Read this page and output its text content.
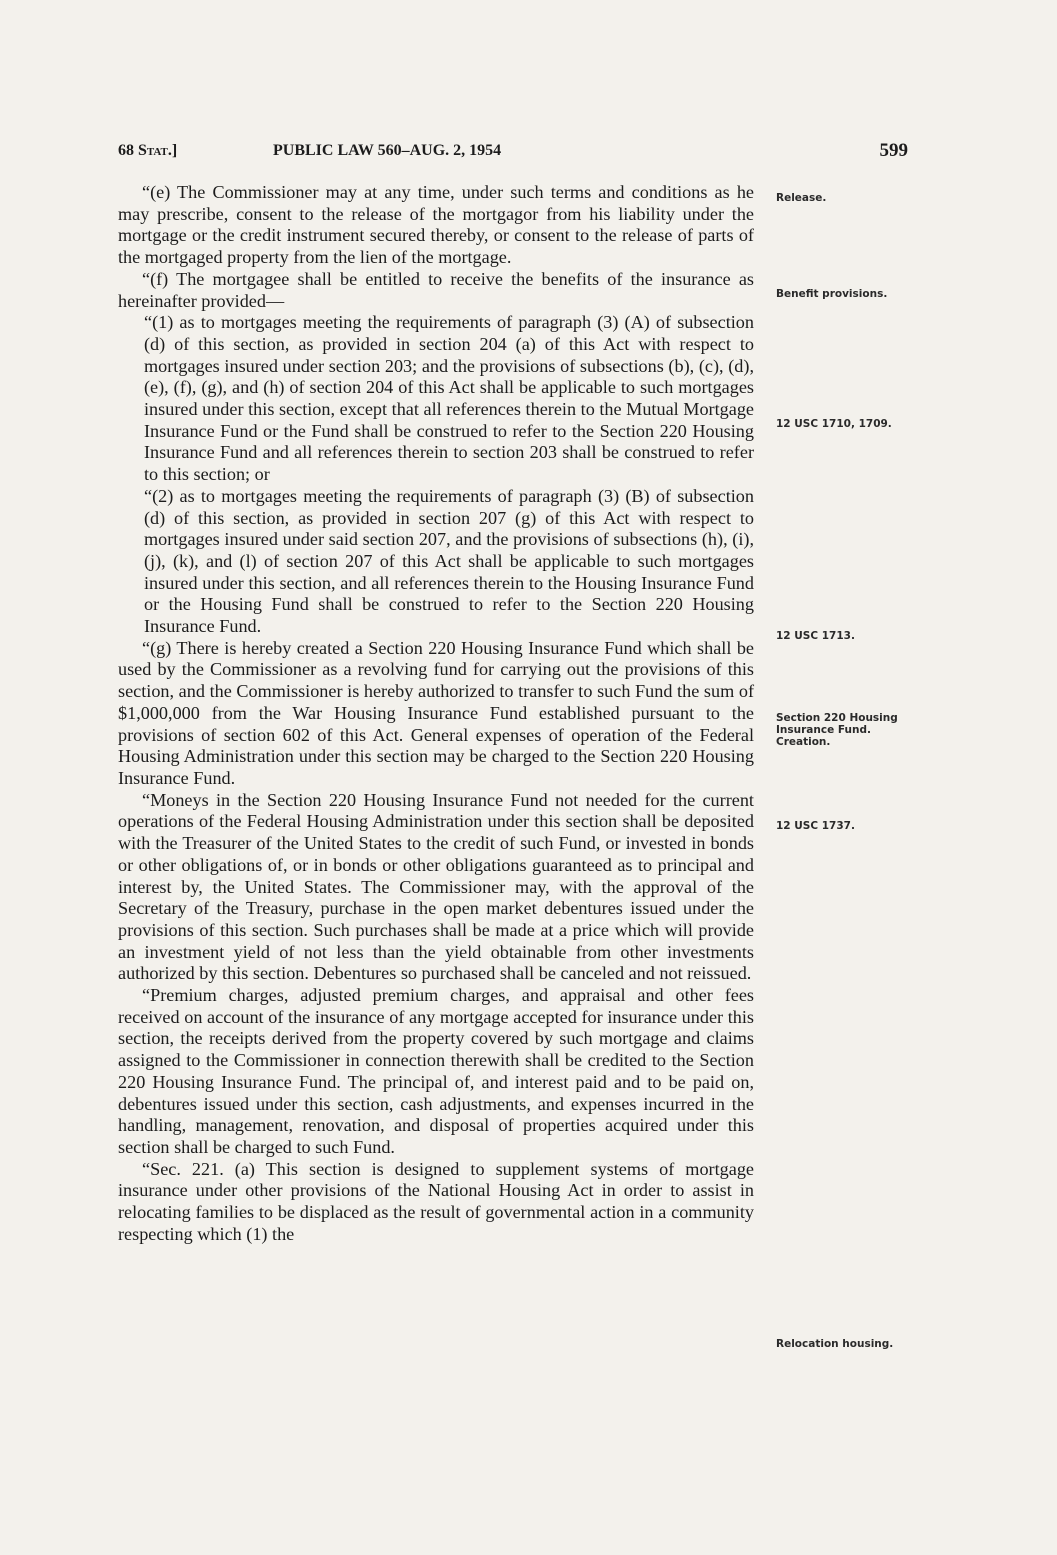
68 Stat.]	PUBLIC LAW 560–AUG. 2, 1954	599

“(e) The Commissioner may at any time, under such terms and conditions as he may prescribe, consent to the release of the mortgagor from his liability under the mortgage or the credit instrument secured thereby, or consent to the release of parts of the mortgaged property from the lien of the mortgage.

“(f) The mortgagee shall be entitled to receive the benefits of the insurance as hereinafter provided—

“(1) as to mortgages meeting the requirements of paragraph (3) (A) of subsection (d) of this section, as provided in section 204 (a) of this Act with respect to mortgages insured under section 203; and the provisions of subsections (b), (c), (d), (e), (f), (g), and (h) of section 204 of this Act shall be applicable to such mortgages insured under this section, except that all references therein to the Mutual Mortgage Insurance Fund or the Fund shall be construed to refer to the Section 220 Housing Insurance Fund and all references therein to section 203 shall be construed to refer to this section; or

“(2) as to mortgages meeting the requirements of paragraph (3) (B) of subsection (d) of this section, as provided in section 207 (g) of this Act with respect to mortgages insured under said section 207, and the provisions of subsections (h), (i), (j), (k), and (l) of section 207 of this Act shall be applicable to such mortgages insured under this section, and all references therein to the Housing Insurance Fund or the Housing Fund shall be construed to refer to the Section 220 Housing Insurance Fund.

“(g) There is hereby created a Section 220 Housing Insurance Fund which shall be used by the Commissioner as a revolving fund for carrying out the provisions of this section, and the Commissioner is hereby authorized to transfer to such Fund the sum of $1,000,000 from the War Housing Insurance Fund established pursuant to the provisions of section 602 of this Act. General expenses of operation of the Federal Housing Administration under this section may be charged to the Section 220 Housing Insurance Fund.

“Moneys in the Section 220 Housing Insurance Fund not needed for the current operations of the Federal Housing Administration under this section shall be deposited with the Treasurer of the United States to the credit of such Fund, or invested in bonds or other obligations of, or in bonds or other obligations guaranteed as to principal and interest by, the United States. The Commissioner may, with the approval of the Secretary of the Treasury, purchase in the open market debentures issued under the provisions of this section. Such purchases shall be made at a price which will provide an investment yield of not less than the yield obtainable from other investments authorized by this section. Debentures so purchased shall be canceled and not reissued.

“Premium charges, adjusted premium charges, and appraisal and other fees received on account of the insurance of any mortgage accepted for insurance under this section, the receipts derived from the property covered by such mortgage and claims assigned to the Commissioner in connection therewith shall be credited to the Section 220 Housing Insurance Fund. The principal of, and interest paid and to be paid on, debentures issued under this section, cash adjustments, and expenses incurred in the handling, management, renovation, and disposal of properties acquired under this section shall be charged to such Fund.

“Sec. 221. (a) This section is designed to supplement systems of mortgage insurance under other provisions of the National Housing Act in order to assist in relocating families to be displaced as the result of governmental action in a community respecting which (1) the

Release.
Benefit provisions.
12 USC 1710, 1709.
12 USC 1713.
Section 220 Housing Insurance Fund. Creation.
12 USC 1737.
Relocation housing.
